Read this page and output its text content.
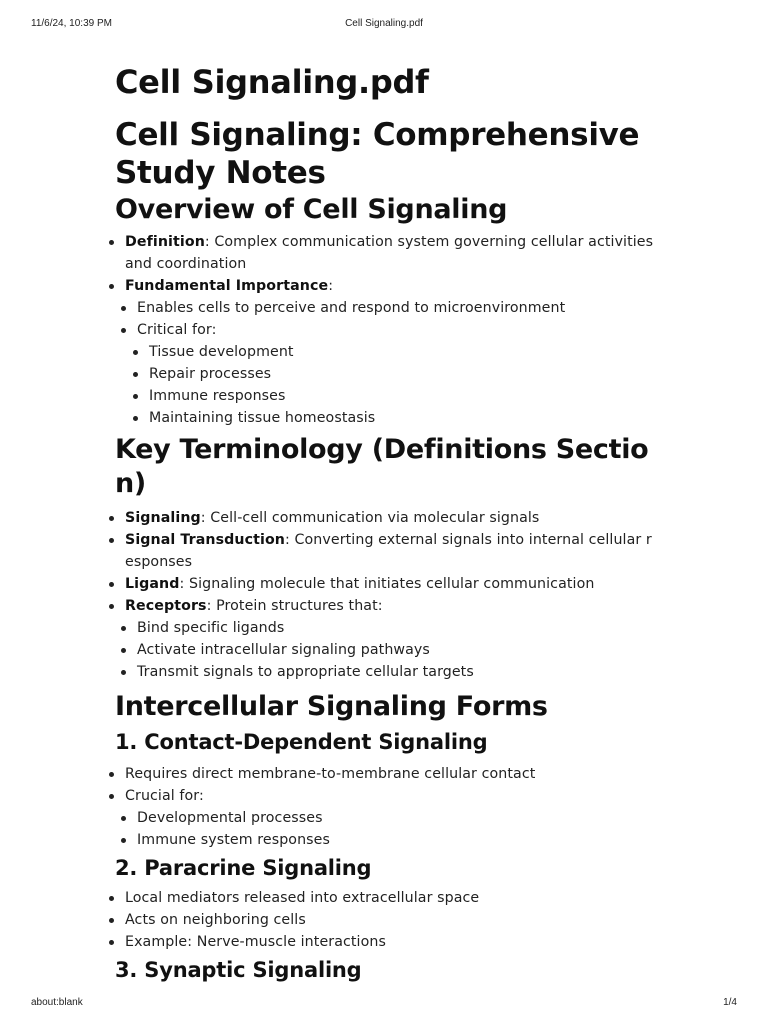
11/6/24, 10:39 PM	Cell Signaling.pdf
Cell Signaling.pdf
Cell Signaling: Comprehensive Study Notes
Overview of Cell Signaling
Definition: Complex communication system governing cellular activities and coordination
Fundamental Importance:
Enables cells to perceive and respond to microenvironment
Critical for:
Tissue development
Repair processes
Immune responses
Maintaining tissue homeostasis
Key Terminology (Definitions Section)
Signaling: Cell-cell communication via molecular signals
Signal Transduction: Converting external signals into internal cellular responses
Ligand: Signaling molecule that initiates cellular communication
Receptors: Protein structures that:
Bind specific ligands
Activate intracellular signaling pathways
Transmit signals to appropriate cellular targets
Intercellular Signaling Forms
1. Contact-Dependent Signaling
Requires direct membrane-to-membrane cellular contact
Crucial for:
Developmental processes
Immune system responses
2. Paracrine Signaling
Local mediators released into extracellular space
Acts on neighboring cells
Example: Nerve-muscle interactions
3. Synaptic Signaling
about:blank	1/4
